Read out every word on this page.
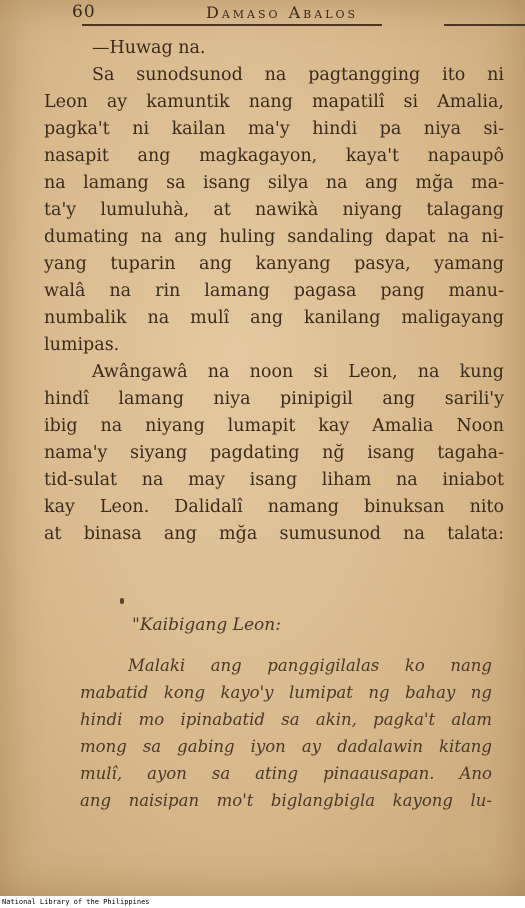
60	Damaso Abalos
—Huwag na.
Sa sunodsunod na pagtangging ito ni
Leon ay kamuntik nang mapatilî si Amalia,
pagka't ni kailan ma'y hindi pa niya si-
nasapit ang magkagayon, kaya't napaupô
na lamang sa isang silya na ang mğa ma-
ta'y lumuluhà, at nawikà niyang talagang
dumating na ang huling sandaling dapat na ni-
yang tuparin ang kanyang pasya, yamang
walâ na rin lamang pagasa pang manu-
numbalik na mulî ang kanilang maligayang
lumipas.
Awângawâ na noon si Leon, na kung
hindî lamang niya pinipigil ang sarili'y
ibig na niyang lumapit kay Amalia Noon
nama'y siyang pagdating nğ isang tagaha-
tid-sulat na may isang liham na iniabot
kay Leon. Dalidalî namang binuksan nito
at binasa ang mğa sumusunod na talata:
"Kaibigang Leon:
Malaki ang panggigilalas ko nang
mabatid kong kayo'y lumipat ng bahay ng
hindi mo ipinabatid sa akin, pagka't alam
mong sa gabing iyon ay dadalawin kitang
mulî, ayon sa ating pinaausapan. Ano
ang naisipan mo't biglangbigla kayong lu-
National Library of the Philippines
